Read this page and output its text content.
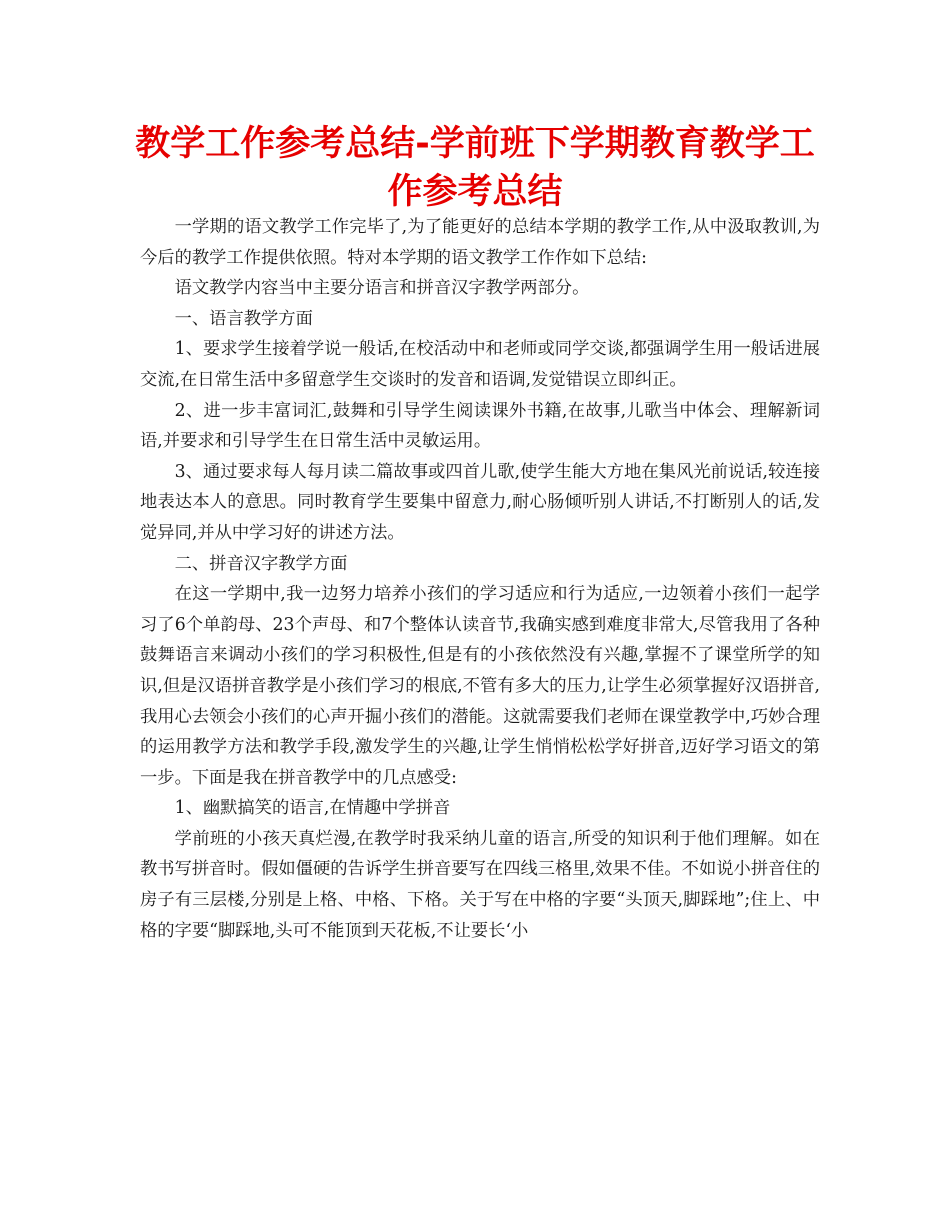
教学工作参考总结-学前班下学期教育教学工作参考总结

一学期的语文教学工作完毕了,为了能更好的总结本学期的教学工作,从中汲取教训,为今后的教学工作提供依照。特对本学期的语文教学工作作如下总结:

语文教学内容当中主要分语言和拼音汉字教学两部分。

一、语言教学方面

1、要求学生接着学说一般话,在校活动中和老师或同学交谈,都强调学生用一般话进展交流,在日常生活中多留意学生交谈时的发音和语调,发觉错误立即纠正。

2、进一步丰富词汇,鼓舞和引导学生阅读课外书籍,在故事,儿歌当中体会、理解新词语,并要求和引导学生在日常生活中灵敏运用。

3、通过要求每人每月读二篇故事或四首儿歌,使学生能大方地在集风光前说话,较连接地表达本人的意思。同时教育学生要集中留意力,耐心肠倾听别人讲话,不打断别人的话,发觉异同,并从中学习好的讲述方法。

二、拼音汉字教学方面

在这一学期中,我一边努力培养小孩们的学习适应和行为适应,一边领着小孩们一起学习了6个单韵母、23个声母、和7个整体认读音节,我确实感到难度非常大,尽管我用了各种鼓舞语言来调动小孩们的学习积极性,但是有的小孩依然没有兴趣,掌握不了课堂所学的知识,但是汉语拼音教学是小孩们学习的根底,不管有多大的压力,让学生必须掌握好汉语拼音,我用心去领会小孩们的心声开掘小孩们的潜能。这就需要我们老师在课堂教学中,巧妙合理的运用教学方法和教学手段,激发学生的兴趣,让学生悄悄松松学好拼音,迈好学习语文的第一步。下面是我在拼音教学中的几点感受:

1、幽默搞笑的语言,在情趣中学拼音

学前班的小孩天真烂漫,在教学时我采纳儿童的语言,所受的知识利于他们理解。如在教书写拼音时。假如僵硬的告诉学生拼音要写在四线三格里,效果不佳。不如说小拼音住的房子有三层楼,分别是上格、中格、下格。关于写在中格的字要“头顶天,脚踩地”;住上、中格的字要“脚踩地,头可不能顶到天花板,不让要长‘小
